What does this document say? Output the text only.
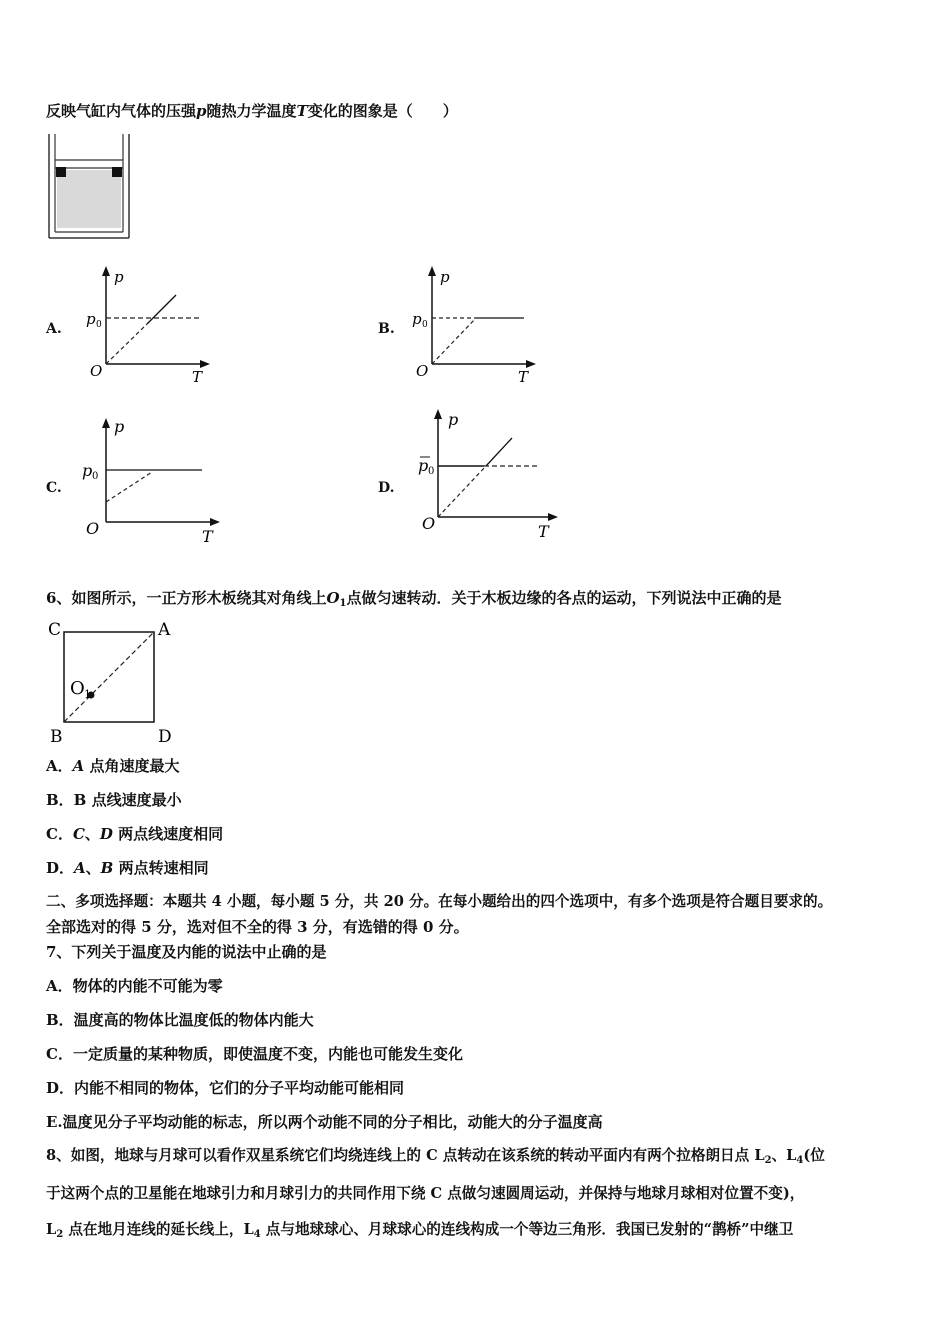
反映气缸内气体的压强p随热力学温度T变化的图象是（　　）
A.
p
p 0
O	T
B.
p
p 0
O	T
C.
p
p 0
O	T
D.
p
p 0
O	T
6、如图所示，一正方形木板绕其对角线上$O_1$点做匀速转动．关于木板边缘的各点的运动，下列说法中正确的是
C	A
B	D
O 1
A．A 点角速度最大
B．B 点线速度最小
C．C、D 两点线速度相同
D．A、B 两点转速相同
二、多项选择题：本题共 4 小题，每小题 5 分，共 20 分。在每小题给出的四个选项中，有多个选项是符合题目要求的。
全部选对的得 5 分，选对但不全的得 3 分，有选错的得 0 分。
7、下列关于温度及内能的说法中止确的是
A．物体的内能不可能为零
B．温度高的物体比温度低的物体内能大
C．一定质量的某种物质，即使温度不变，内能也可能发生变化
D．内能不相同的物体，它们的分子平均动能可能相同
E.温度见分子平均动能的标志，所以两个动能不同的分子相比，动能大的分子温度高
8、如图，地球与月球可以看作双星系统它们均绕连线上的 C 点转动在该系统的转动平面内有两个拉格朗日点 $L_2$、$L_4$(位
于这两个点的卫星能在地球引力和月球引力的共同作用下绕 C 点做匀速圆周运动，并保持与地球月球相对位置不变)，
$L_2$ 点在地月连线的延长线上，$L_4$ 点与地球球心、月球球心的连线构成一个等边三角形．我国已发射的“鹊桥”中继卫
